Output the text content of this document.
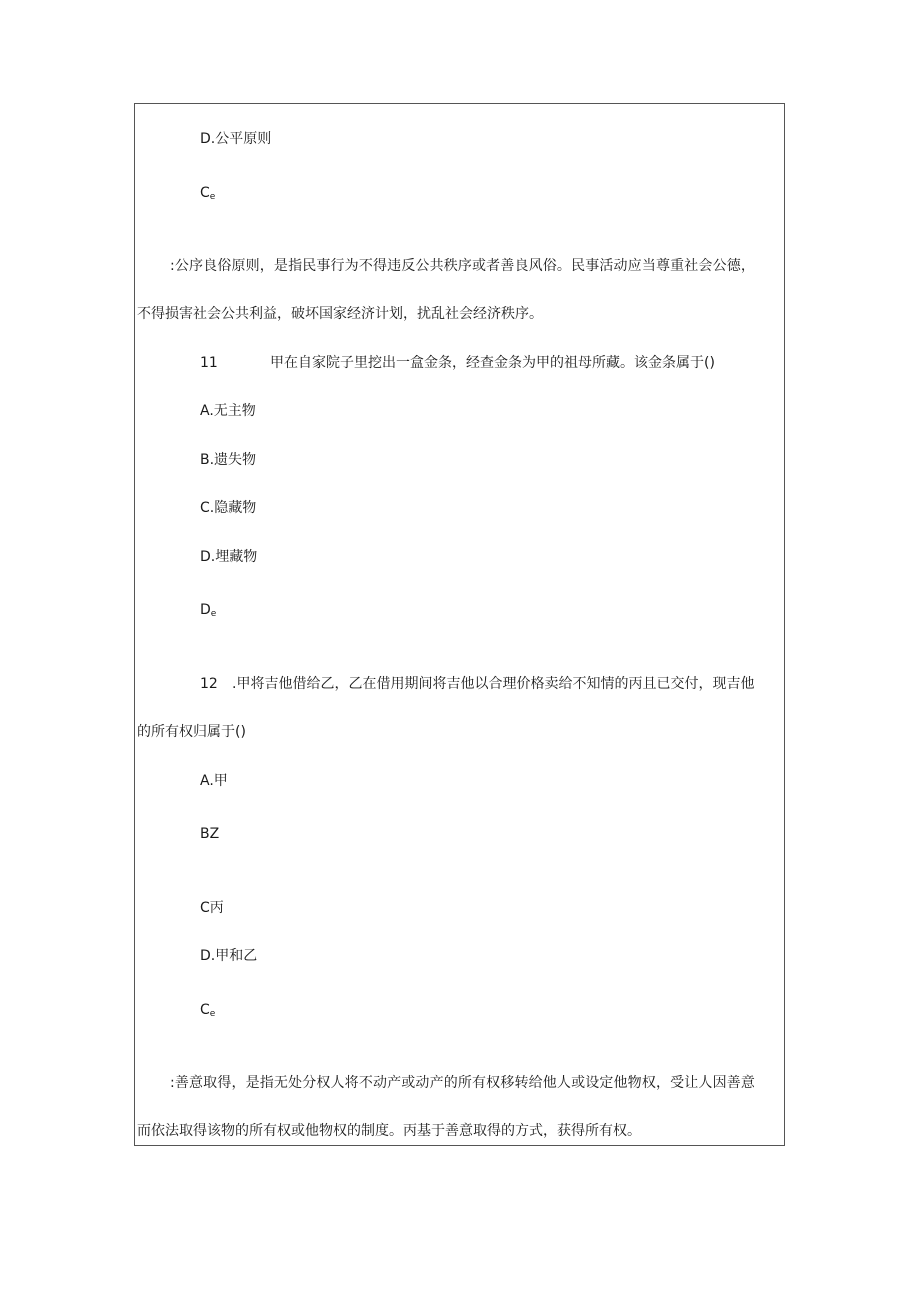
D.公平原则
$C_e$
:公序良俗原则，是指民事行为不得违反公共秩序或者善良风俗。民事活动应当尊重社会公德，
不得损害社会公共利益，破坏国家经济计划，扰乱社会经济秩序。
11	甲在自家院子里挖出一盒金条，经查金条为甲的祖母所藏。该金条属于()
A.无主物
B.遗失物
C.隐藏物
D.埋藏物
$D_e$
12 .甲将吉他借给乙，乙在借用期间将吉他以合理价格卖给不知情的丙且已交付，现吉他
的所有权归属于()
A.甲
BZ
C丙
D.甲和乙
$C_e$
:善意取得，是指无处分权人将不动产或动产的所有权移转给他人或设定他物权，受让人因善意
而依法取得该物的所有权或他物权的制度。丙基于善意取得的方式，获得所有权。
